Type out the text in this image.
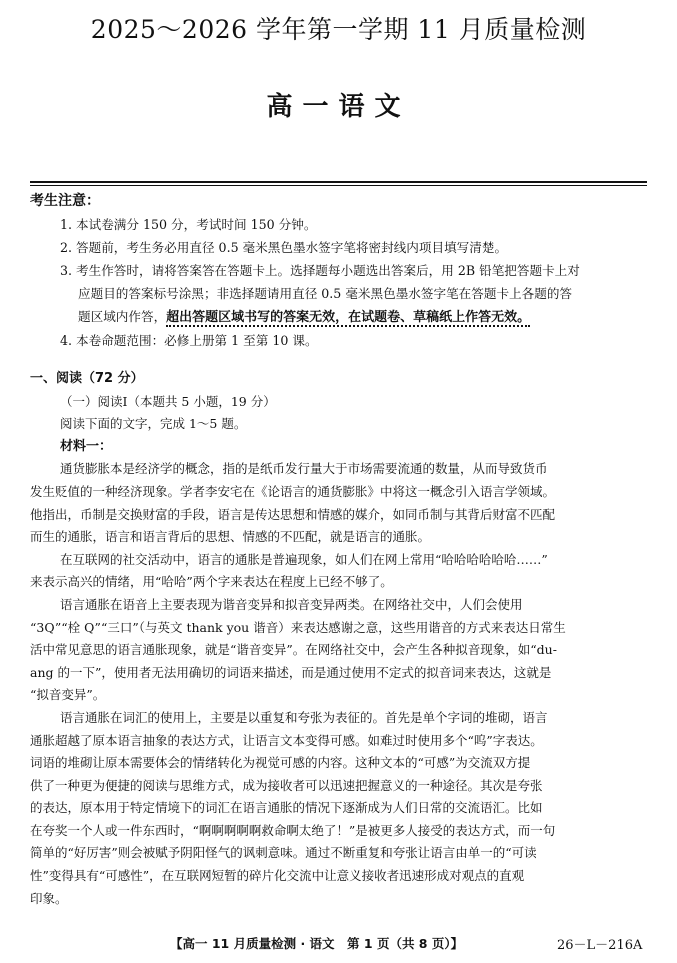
2025～2026 学年第一学期 11 月质量检测
高一语文

考生注意：

1. 本试卷满分 150 分，考试时间 150 分钟。

2. 答题前，考生务必用直径 0.5 毫米黑色墨水签字笔将密封线内项目填写清楚。

3. 考生作答时，请将答案答在答题卡上。选择题每小题选出答案后，用 2B 铅笔把答题卡上对

应题目的答案标号涂黑；非选择题请用直径 0.5 毫米黑色墨水签字笔在答题卡上各题的答

题区域内作答，超出答题区域书写的答案无效，在试题卷、草稿纸上作答无效。

4. 本卷命题范围：必修上册第 1 至第 10 课。

一、阅读（72 分）

（一）阅读Ⅰ（本题共 5 小题，19 分）

阅读下面的文字，完成 1～5 题。

材料一：

通货膨胀本是经济学的概念，指的是纸币发行量大于市场需要流通的数量，从而导致货币

发生贬值的一种经济现象。学者李安宅在《论语言的通货膨胀》中将这一概念引入语言学领域。

他指出，币制是交换财富的手段，语言是传达思想和情感的媒介，如同币制与其背后财富不匹配

而生的通胀，语言和语言背后的思想、情感的不匹配，就是语言的通胀。

在互联网的社交活动中，语言的通胀是普遍现象，如人们在网上常用“哈哈哈哈哈哈……”

来表示高兴的情绪，用“哈哈”两个字来表达在程度上已经不够了。

语言通胀在语音上主要表现为谐音变异和拟音变异两类。在网络社交中，人们会使用

“3Q”“栓 Q”“三口”（与英文 thank you 谐音）来表达感谢之意，这些用谐音的方式来表达日常生

活中常见意思的语言通胀现象，就是“谐音变异”。在网络社交中，会产生各种拟音现象，如“du-

ang 的一下”，使用者无法用确切的词语来描述，而是通过使用不定式的拟音词来表达，这就是

“拟音变异”。

语言通胀在词汇的使用上，主要是以重复和夸张为表征的。首先是单个字词的堆砌，语言

通胀超越了原本语言抽象的表达方式，让语言文本变得可感。如难过时使用多个“呜”字表达。

词语的堆砌让原本需要体会的情绪转化为视觉可感的内容。这种文本的“可感”为交流双方提

供了一种更为便捷的阅读与思维方式，成为接收者可以迅速把握意义的一种途径。其次是夸张

的表达，原本用于特定情境下的词汇在语言通胀的情况下逐渐成为人们日常的交流语汇。比如

在夸奖一个人或一件东西时，“啊啊啊啊啊救命啊太绝了！”是被更多人接受的表达方式，而一句

简单的“好厉害”则会被赋予阴阳怪气的讽刺意味。通过不断重复和夸张让语言由单一的“可读

性”变得具有“可感性”，在互联网短暂的碎片化交流中让意义接收者迅速形成对观点的直观

印象。

【高一 11 月质量检测 · 语文　第 1 页（共 8 页）】	26－L－216A
